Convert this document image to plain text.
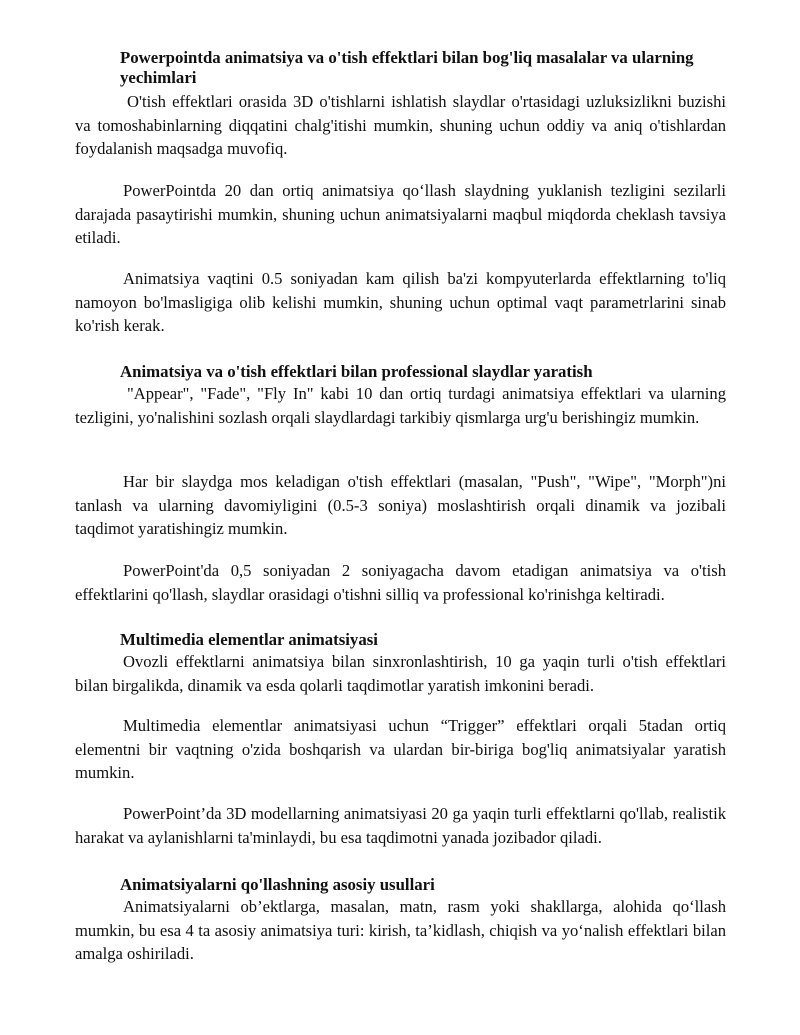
Powerpointda animatsiya va o'tish effektlari bilan bog'liq masalalar va ularning yechimlari

O'tish effektlari orasida 3D o'tishlarni ishlatish slaydlar o'rtasidagi uzluksizlikni buzishi va tomoshabinlarning diqqatini chalg'itishi mumkin, shuning uchun oddiy va aniq o'tishlardan foydalanish maqsadga muvofiq.

PowerPointda 20 dan ortiq animatsiya qo‘llash slaydning yuklanish tezligini sezilarli darajada pasaytirishi mumkin, shuning uchun animatsiyalarni maqbul miqdorda cheklash tavsiya etiladi.

Animatsiya vaqtini 0.5 soniyadan kam qilish ba'zi kompyuterlarda effektlarning to'liq namoyon bo'lmasligiga olib kelishi mumkin, shuning uchun optimal vaqt parametrlarini sinab ko'rish kerak.

Animatsiya va o'tish effektlari bilan professional slaydlar yaratish

"Appear", "Fade", "Fly In" kabi 10 dan ortiq turdagi animatsiya effektlari va ularning tezligini, yo'nalishini sozlash orqali slaydlardagi tarkibiy qismlarga urg'u berishingiz mumkin.

Har bir slaydga mos keladigan o'tish effektlari (masalan, "Push", "Wipe", "Morph")ni tanlash va ularning davomiyligini (0.5-3 soniya) moslashtirish orqali dinamik va jozibali taqdimot yaratishingiz mumkin.

PowerPoint'da 0,5 soniyadan 2 soniyagacha davom etadigan animatsiya va o'tish effektlarini qo'llash, slaydlar orasidagi o'tishni silliq va professional ko'rinishga keltiradi.

Multimedia elementlar animatsiyasi

Ovozli effektlarni animatsiya bilan sinxronlashtirish, 10 ga yaqin turli o'tish effektlari bilan birgalikda, dinamik va esda qolarli taqdimotlar yaratish imkonini beradi.

Multimedia elementlar animatsiyasi uchun “Trigger” effektlari orqali 5tadan ortiq elementni bir vaqtning o'zida boshqarish va ulardan bir-biriga bog'liq animatsiyalar yaratish mumkin.

PowerPoint’da 3D modellarning animatsiyasi 20 ga yaqin turli effektlarni qo'llab, realistik harakat va aylanishlarni ta'minlaydi, bu esa taqdimotni yanada jozibador qiladi.

Animatsiyalarni qo'llashning asosiy usullari

Animatsiyalarni ob’ektlarga, masalan, matn, rasm yoki shakllarga, alohida qo‘llash mumkin, bu esa 4 ta asosiy animatsiya turi: kirish, ta’kidlash, chiqish va yo‘nalish effektlari bilan amalga oshiriladi.
